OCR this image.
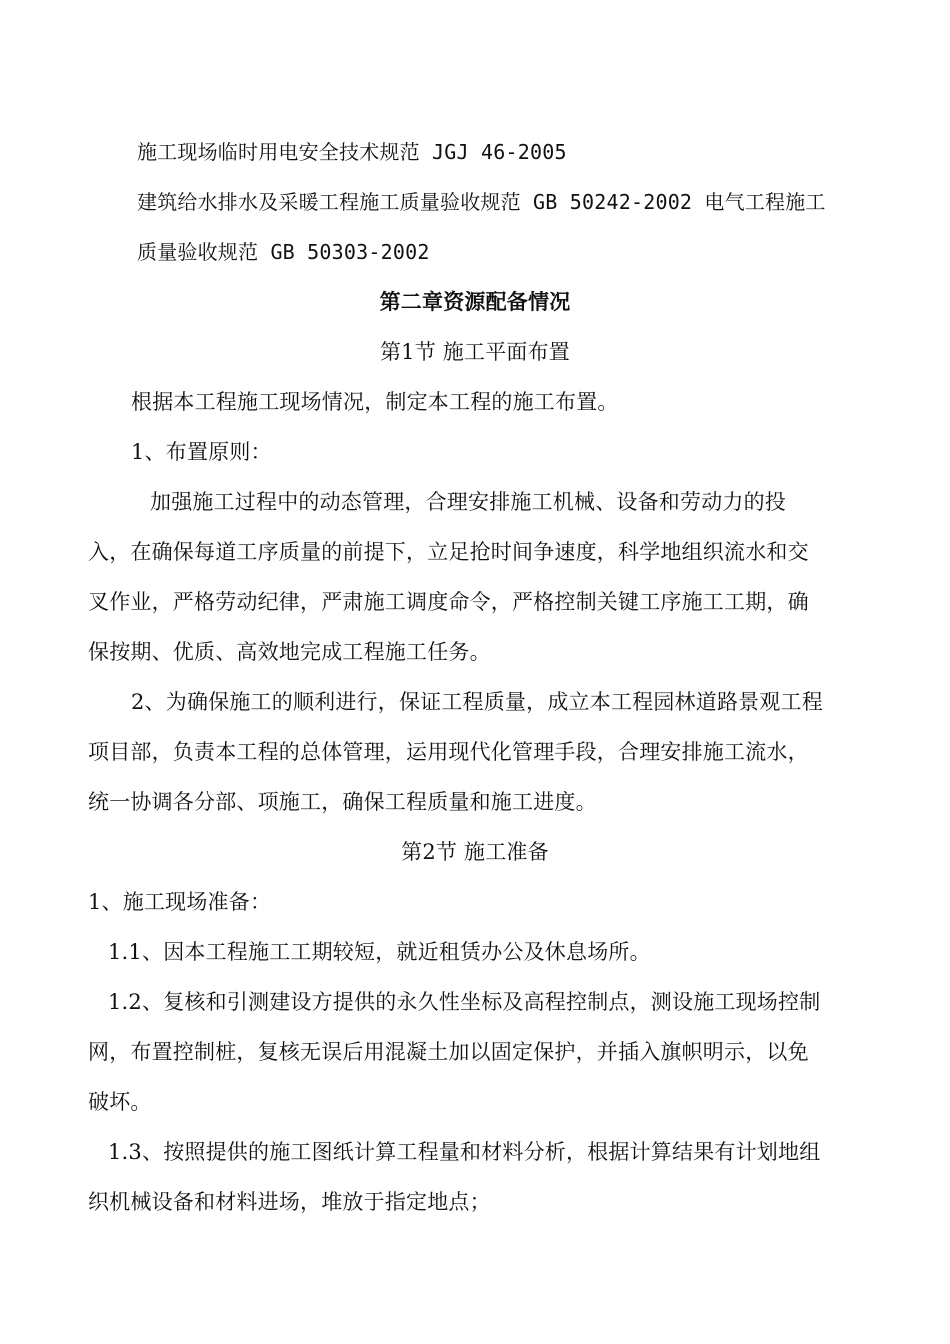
施工现场临时用电安全技术规范 JGJ 46-2005
建筑给水排水及采暖工程施工质量验收规范 GB 50242-2002 电气工程施工
质量验收规范 GB 50303-2002
第二章资源配备情况
第1节 施工平面布置
根据本工程施工现场情况，制定本工程的施工布置。
1、布置原则：
加强施工过程中的动态管理，合理安排施工机械、设备和劳动力的投
入，在确保每道工序质量的前提下，立足抢时间争速度，科学地组织流水和交
叉作业，严格劳动纪律，严肃施工调度命令，严格控制关键工序施工工期，确
保按期、优质、高效地完成工程施工任务。
2、为确保施工的顺利进行，保证工程质量，成立本工程园林道路景观工程
项目部，负责本工程的总体管理，运用现代化管理手段，合理安排施工流水，
统一协调各分部、项施工，确保工程质量和施工进度。
第2节 施工准备
1、施工现场准备：
1.1、因本工程施工工期较短，就近租赁办公及休息场所。
1.2、复核和引测建设方提供的永久性坐标及高程控制点，测设施工现场控制
网，布置控制桩，复核无误后用混凝土加以固定保护，并插入旗帜明示，以免
破坏。
1.3、按照提供的施工图纸计算工程量和材料分析，根据计算结果有计划地组
织机械设备和材料进场，堆放于指定地点；
